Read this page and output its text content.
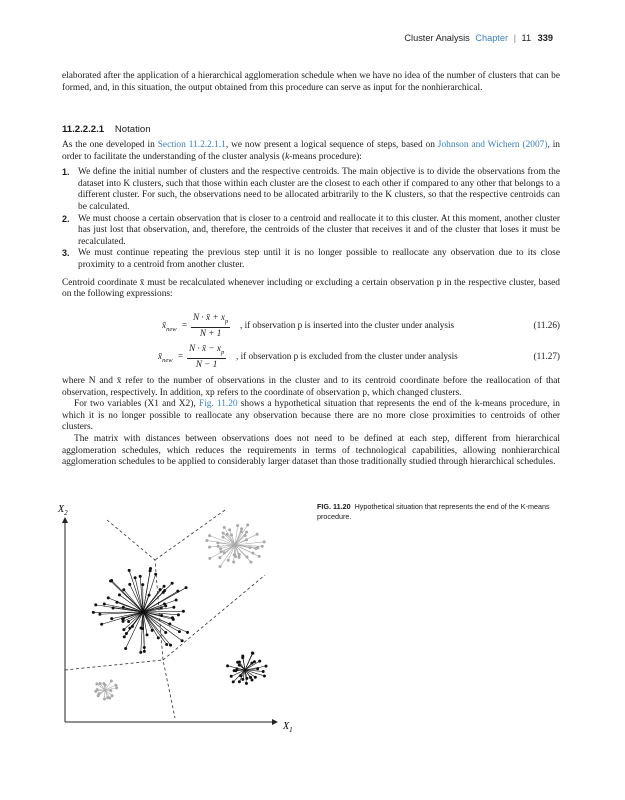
Cluster Analysis Chapter | 11 339

elaborated after the application of a hierarchical agglomeration schedule when we have no idea of the number of clusters that can be formed, and, in this situation, the output obtained from this procedure can serve as input for the nonhierarchical.

11.2.2.2.1 Notation

As the one developed in Section 11.2.2.1.1, we now present a logical sequence of steps, based on Johnson and Wichern (2007), in order to facilitate the understanding of the cluster analysis (k-means procedure):

1. We define the initial number of clusters and the respective centroids. The main objective is to divide the observations from the dataset into K clusters, such that those within each cluster are the closest to each other if compared to any other that belongs to a different cluster. For such, the observations need to be allocated arbitrarily to the K clusters, so that the respective centroids can be calculated.
2. We must choose a certain observation that is closer to a centroid and reallocate it to this cluster. At this moment, another cluster has just lost that observation, and, therefore, the centroids of the cluster that receives it and of the cluster that loses it must be recalculated.
3. We must continue repeating the previous step until it is no longer possible to reallocate any observation due to its close proximity to a centroid from another cluster.

Centroid coordinate x̄ must be recalculated whenever including or excluding a certain observation p in the respective cluster, based on the following expressions:

$x̄_{new} = \frac{N \cdot x̄ + x_p}{N + 1}$ , if observation p is inserted into the cluster under analysis	(11.26)
$x̄_{new} = \frac{N \cdot x̄ - x_p}{N - 1}$ , if observation p is excluded from the cluster under analysis	(11.27)

where N and x̄ refer to the number of observations in the cluster and to its centroid coordinate before the reallocation of that observation, respectively. In addition, xp refers to the coordinate of observation p, which changed clusters.

For two variables (X1 and X2), Fig. 11.20 shows a hypothetical situation that represents the end of the k-means procedure, in which it is no longer possible to reallocate any observation because there are no more close proximities to centroids of other clusters.

The matrix with distances between observations does not need to be defined at each step, different from hierarchical agglomeration schedules, which reduces the requirements in terms of technological capabilities, allowing nonhierarchical agglomeration schedules to be applied to considerably larger dataset than those traditionally studied through hierarchical schedules.

FIG. 11.20 Hypothetical situation that represents the end of the K-means procedure.
$X_2$
$X_1$
